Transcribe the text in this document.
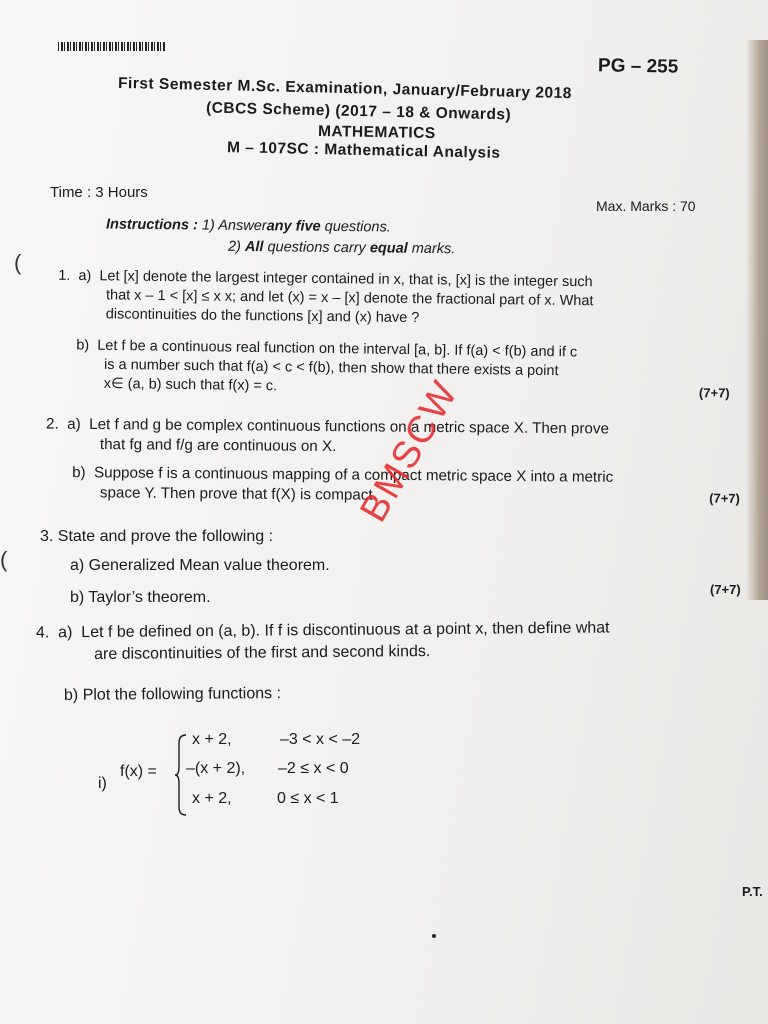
PG – 255
First Semester M.Sc. Examination, January/February 2018
(CBCS Scheme) (2017 – 18 & Onwards)
MATHEMATICS
M – 107SC : Mathematical Analysis
Time : 3 Hours
Max. Marks : 70
Instructions : 1) Answerany five questions.
2) All questions carry equal marks.
(
(
1. a) Let [x] denote the largest integer contained in x, that is, [x] is the integer such
that x – 1 < [x] ≤ x x; and let (x) = x – [x] denote the fractional part of x. What
discontinuities do the functions [x] and (x) have ?
b) Let f be a continuous real function on the interval [a, b]. If f(a) < f(b) and if c
is a number such that f(a) < c < f(b), then show that there exists a point
x∈ (a, b) such that f(x) = c.	(7+7)
2. a) Let f and g be complex continuous functions on a metric space X. Then prove
that fg and f/g are continuous on X.
b) Suppose f is a continuous mapping of a compact metric space X into a metric
space Y. Then prove that f(X) is compact.	(7+7)
3. State and prove the following :
a) Generalized Mean value theorem.
b) Taylor’s theorem.	(7+7)
4. a) Let f be defined on (a, b). If f is discontinuous at a point x, then define what
are discontinuities of the first and second kinds.
b) Plot the following functions :
i)
f(x) =
x + 2,	–3 < x < –2
–(x + 2), –2 ≤ x < 0
x + 2,	0 ≤ x < 1
P.T.
BMSCW
